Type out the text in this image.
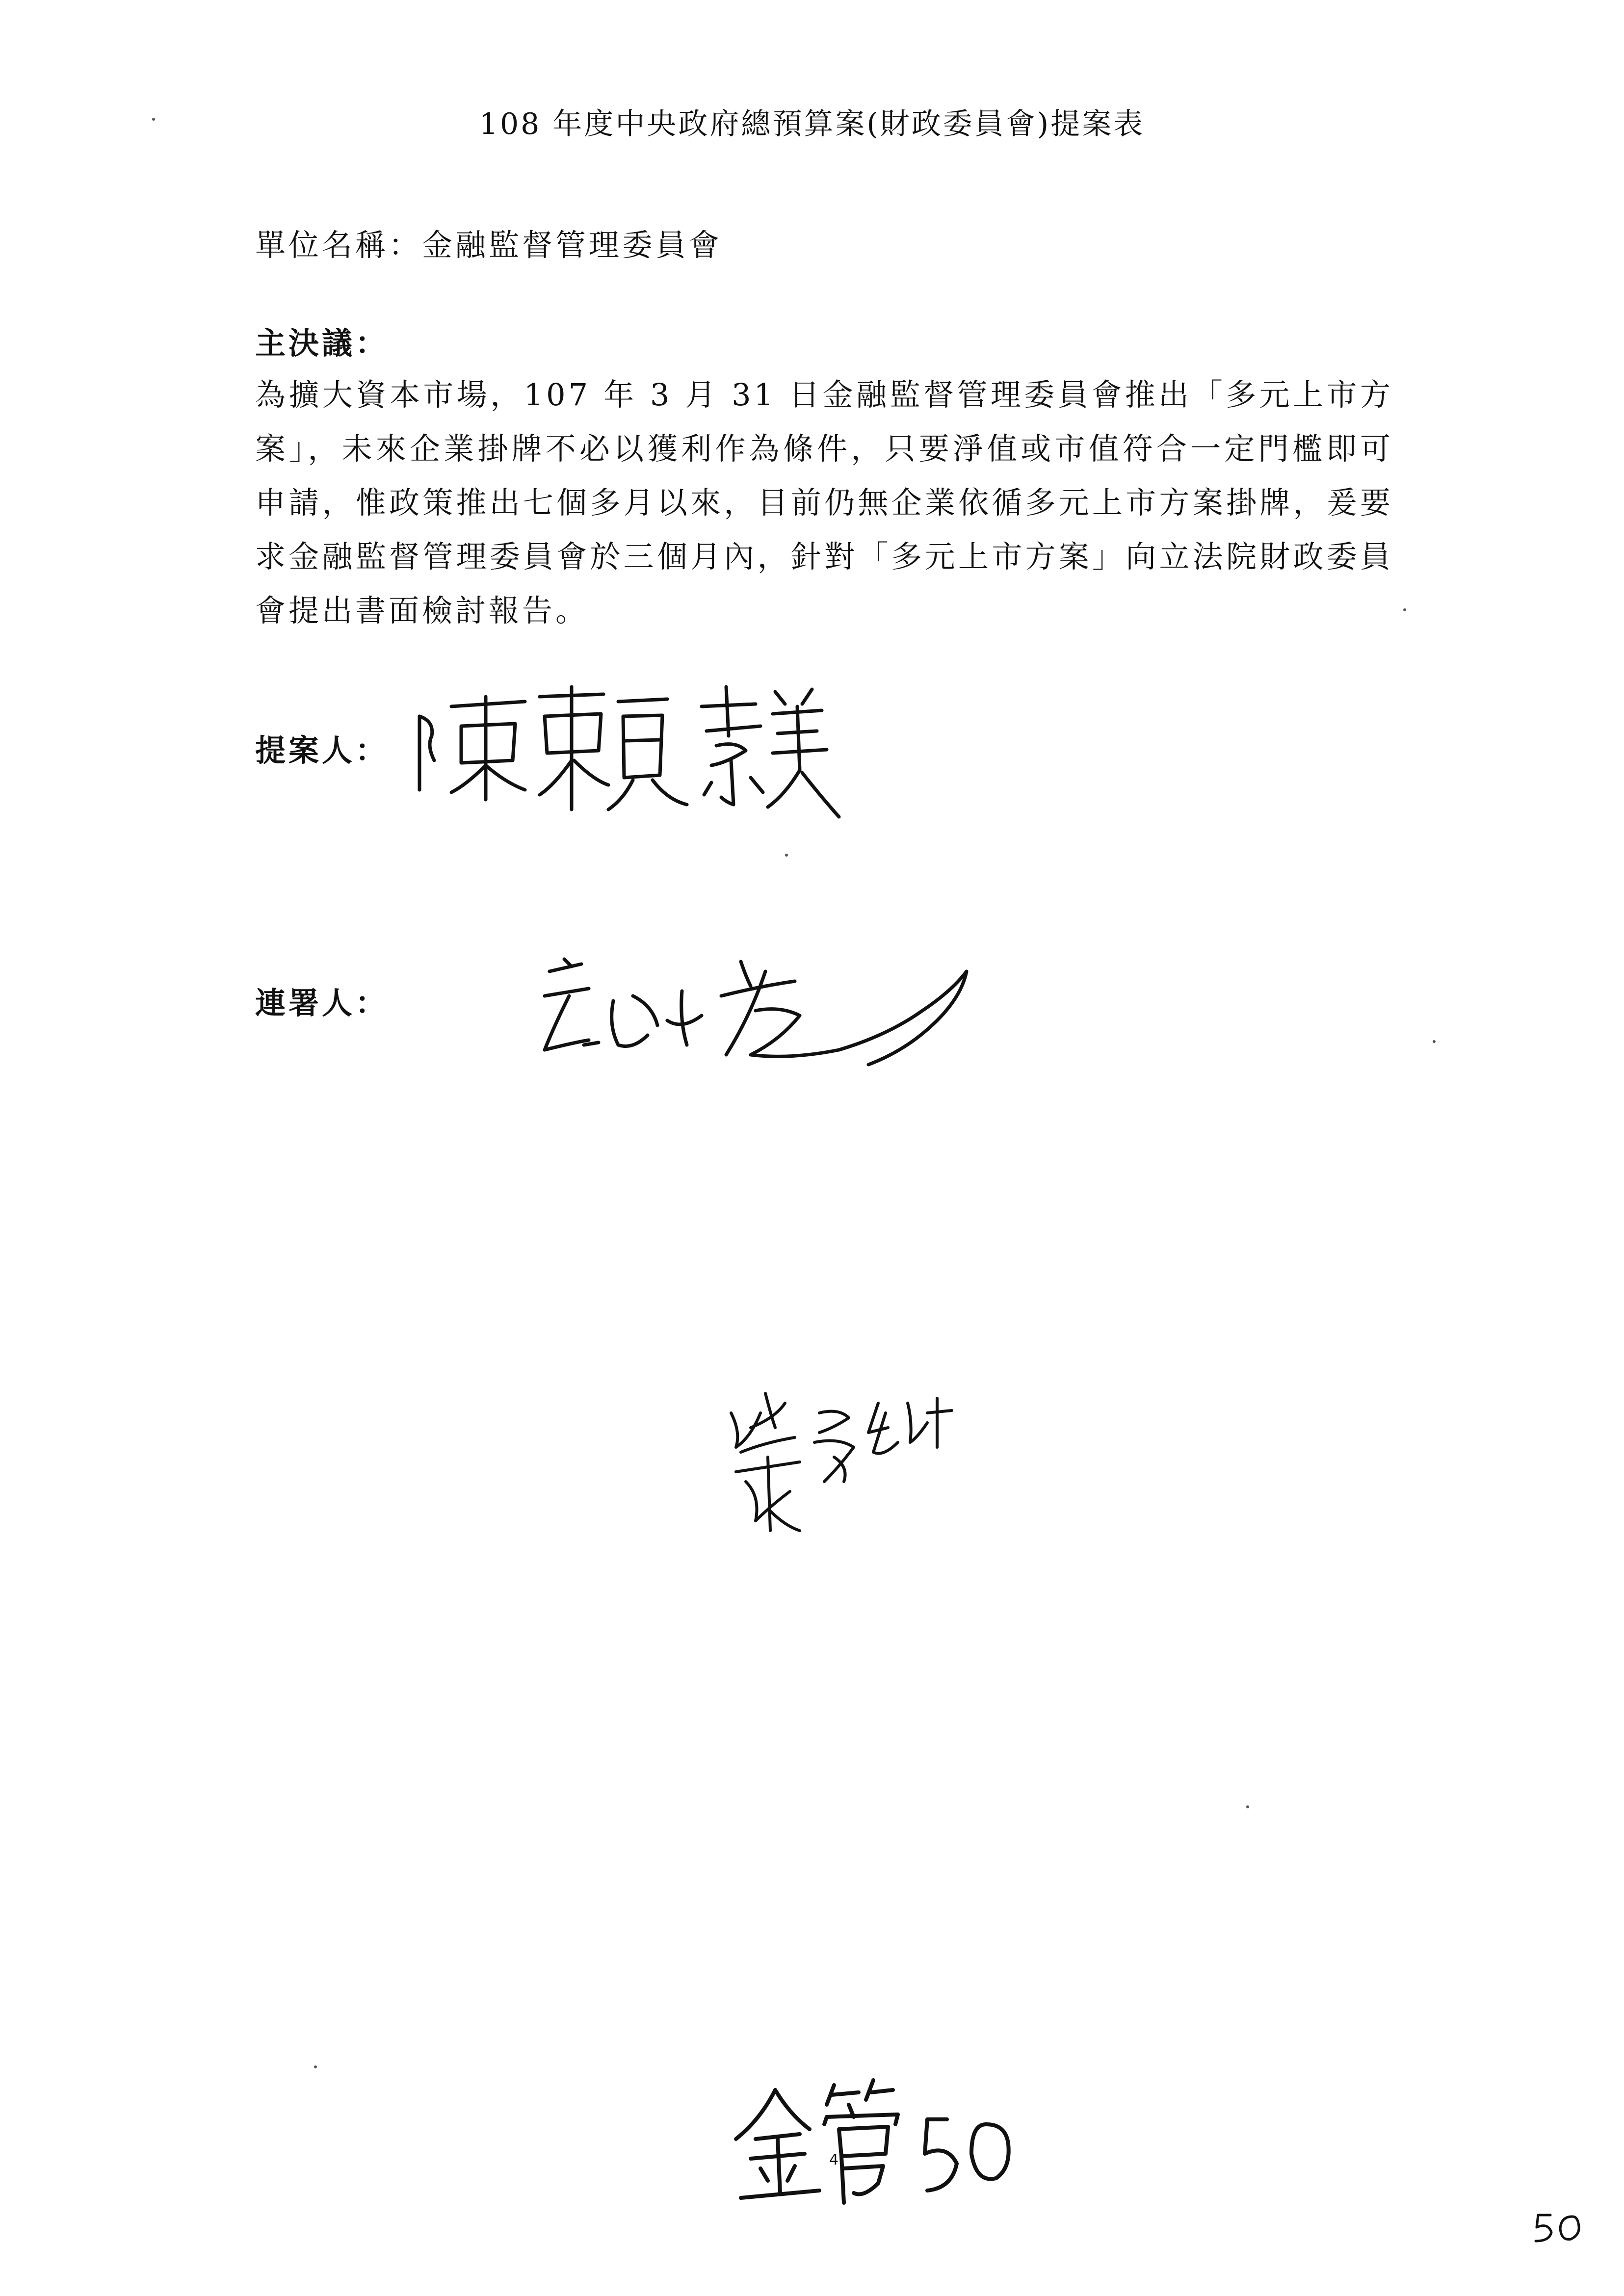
108 年度中央政府總預算案(財政委員會)提案表
單位名稱：金融監督管理委員會
主決議：
為擴大資本市場，107 年 3 月 31 日金融監督管理委員會推出「多元上市方案」，未來企業掛牌不必以獲利作為條件，只要淨值或市值符合一定門檻即可申請，惟政策推出七個多月以來，目前仍無企業依循多元上市方案掛牌，爰要求金融監督管理委員會於三個月內，針對「多元上市方案」向立法院財政委員會提出書面檢討報告。
提案人：
連署人：
4
